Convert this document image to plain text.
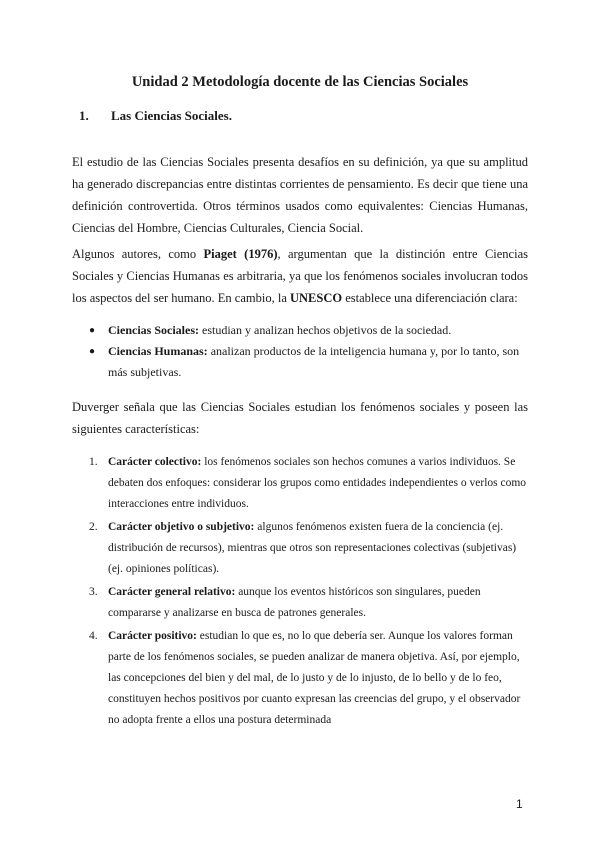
Unidad 2 Metodología docente de las Ciencias Sociales
1. Las Ciencias Sociales.

El estudio de las Ciencias Sociales presenta desafíos en su definición, ya que su amplitud ha generado discrepancias entre distintas corrientes de pensamiento. Es decir que tiene una definición controvertida. Otros términos usados como equivalentes: Ciencias Humanas, Ciencias del Hombre, Ciencias Culturales, Ciencia Social.

Algunos autores, como Piaget (1976), argumentan que la distinción entre Ciencias Sociales y Ciencias Humanas es arbitraria, ya que los fenómenos sociales involucran todos los aspectos del ser humano. En cambio, la UNESCO establece una diferenciación clara:

● Ciencias Sociales: estudian y analizan hechos objetivos de la sociedad.
● Ciencias Humanas: analizan productos de la inteligencia humana y, por lo tanto, son más subjetivas.

Duverger señala que las Ciencias Sociales estudian los fenómenos sociales y poseen las siguientes características:

1. Carácter colectivo: los fenómenos sociales son hechos comunes a varios individuos. Se debaten dos enfoques: considerar los grupos como entidades independientes o verlos como interacciones entre individuos.
2. Carácter objetivo o subjetivo: algunos fenómenos existen fuera de la conciencia (ej. distribución de recursos), mientras que otros son representaciones colectivas (subjetivas) (ej. opiniones políticas).
3. Carácter general relativo: aunque los eventos históricos son singulares, pueden compararse y analizarse en busca de patrones generales.
4. Carácter positivo: estudian lo que es, no lo que debería ser. Aunque los valores forman parte de los fenómenos sociales, se pueden analizar de manera objetiva. Así, por ejemplo, las concepciones del bien y del mal, de lo justo y de lo injusto, de lo bello y de lo feo, constituyen hechos positivos por cuanto expresan las creencias del grupo, y el observador no adopta frente a ellos una postura determinada
1
